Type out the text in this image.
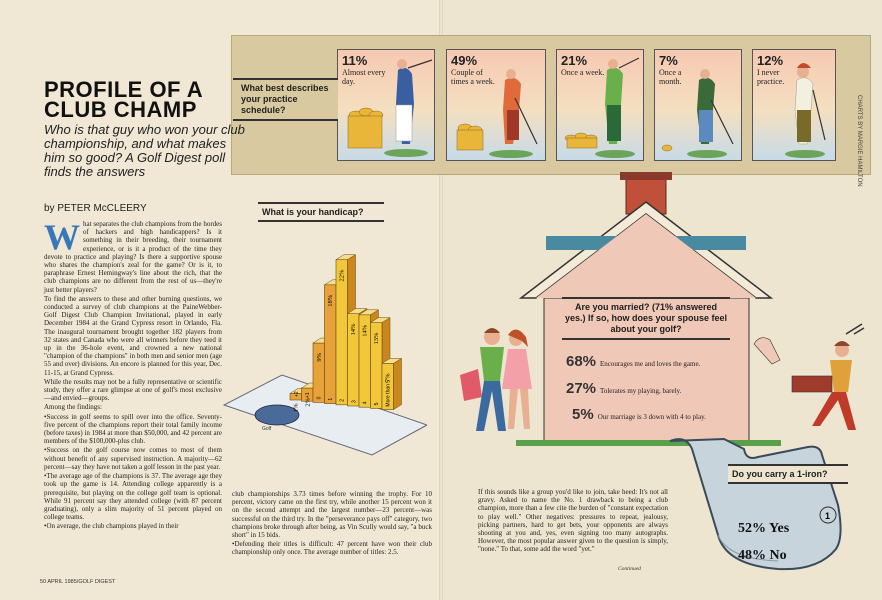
11%
Almost every day.
49%
Couple of times a week.
21%
Once a week.
7%
Once a month.
12%
I never practice.
What best describes your practice schedule?	CHARTS BY MARGIE HAMILTON
PROFILE OF A
CLUB CHAMP
Who is that guy who won your club championship, and what makes him so good? A Golf Digest poll finds the answers
by PETER McCLEERY

What separates the club champions from the hordes of hackers and high handicappers? Is it something in their breeding, their tournament experience, or is it a product of the time they devote to practice and playing? Is there a supportive spouse who shares the champion's zeal for the game? Or is it, to paraphrase Ernest Hemingway's line about the rich, that the club champions are no different from the rest of us—they're just better players?

To find the answers to these and other burning questions, we conducted a survey of club champions at the PaineWebber-Golf Digest Club Champion Invitational, played in early December 1984 at the Grand Cypress resort in Orlando, Fla. The inaugural tournament brought together 182 players from 32 states and Canada who were all winners before they teed it up in the 36-hole event, and crowned a new national "champion of the champions" in both men and senior men (age 55 and over) divisions. An encore is planned for this year, Dec. 11-15, at Grand Cypress.

While the results may not be a fully representative or scientific study, they offer a rare glimpse at one of golf's most exclusive—and envied—groups.

Among the findings:

•Success in golf seems to spill over into the office. Seventy-five percent of the champions report their total family income (before taxes) in 1984 at more than $50,000, and 42 percent are members of the $100,000-plus club.

•Success on the golf course now comes to most of them without benefit of any supervised instruction. A majority—62 percent—say they have not taken a golf lesson in the past year.

•The average age of the champions is 37. The average age they took up the game is 14. Attending college apparently is a prerequisite, but playing on the college golf team is optional. While 91 percent say they attended college (with 87 percent graduating), only a slim majority of 51 percent played on college teams.

•On average, the club champions played in their

What is your handicap?
Golf
1%
+2
2%
+1
9%
0
18%
1
22%
2
14%
3
14%
4
13%
5
7%
More than 5

club championships 3.73 times before winning the trophy. For 10 percent, victory came on the first try, while another 15 percent won it on the second attempt and the largest number—23 percent—was successful on the third try. In the "perseverance pays off" category, two champions broke through after being, as Vin Scully would say, "a buck short" in 15 bids.

•Defending their titles is difficult: 47 percent have won their club championship only once. The average number of titles: 2.5.

Are you married? (71% answered yes.) If so, how does your spouse feel about your golf?
68% Encourages me and loves the game.
27% Tolerates my playing, barely.
5% Our marriage is 3 down with 4 to play.

If this sounds like a group you'd like to join, take heed: It's not all gravy. Asked to name the No. 1 drawback to being a club champion, more than a few cite the burden of "constant expectation to play well." Other negatives: pressures to repeat, jealousy, picking partners, hard to get bets, your opponents are always shooting at you and, yes, even signing too many autographs. However, the most popular answer given to the question is simply, "none." To that, some add the word "yet."

Continued
1
Do you carry a 1-iron?
52% Yes
48% No
50 APRIL 1985/GOLF DIGEST
